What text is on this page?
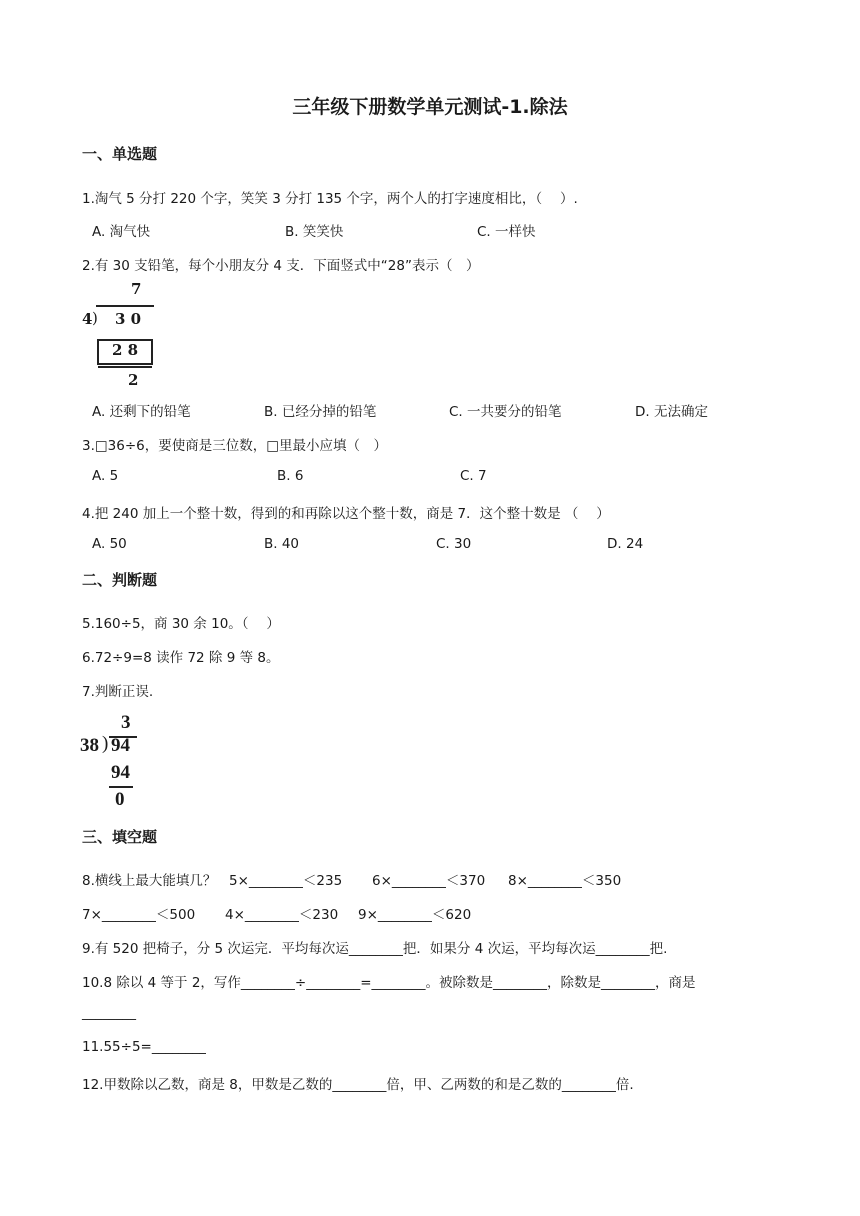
三年级下册数学单元测试-1.除法
一、单选题
1.淘气 5 分打 220 个字，笑笑 3 分打 135 个字，两个人的打字速度相比，（　 ）.
A. 淘气快	B. 笑笑快	C. 一样快
2.有 30 支铅笔，每个小朋友分 4 支．下面竖式中“28”表示（　）
7
4 ) 3 0
2 8
2
A. 还剩下的铅笔	B. 已经分掉的铅笔	C. 一共要分的铅笔	D. 无法确定
3.□36÷6，要使商是三位数，□里最小应填（　）
A. 5	B. 6	C. 7
4.把 240 加上一个整十数，得到的和再除以这个整十数，商是 7．这个整十数是 （　 ）
A. 50	B. 40	C. 30	D. 24
二、判断题
5.160÷5，商 30 余 10。（　 ）
6.72÷9=8 读作 72 除 9 等 8。
7.判断正误.
3
38 ) 94
94
0
三、填空题
8.横线上最大能填几？ 5×________＜235 6×________＜370 8×________＜350
7×________＜500 4×________＜230 9×________＜620
9.有 520 把椅子，分 5 次运完．平均每次运________把．如果分 4 次运，平均每次运________把.
10.8 除以 4 等于 2，写作________÷________=________。被除数是________，除数是________，商是
________
11.55÷5=________
12.甲数除以乙数，商是 8，甲数是乙数的________倍，甲、乙两数的和是乙数的________倍.
